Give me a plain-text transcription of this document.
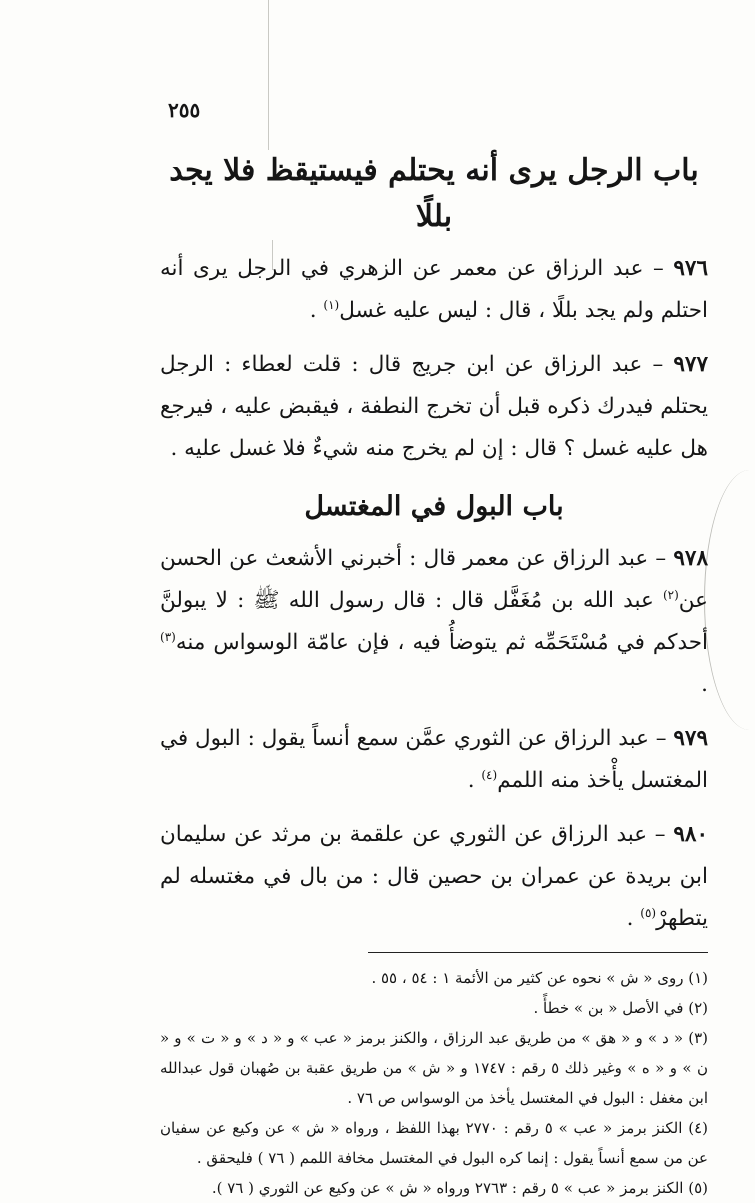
٢٥٥
باب الرجل يرى أنه يحتلم فيستيقظ فلا يجد بللًا

٩٧٦ – عبد الرزاق عن معمر عن الزهري في الرجل يرى أنه احتلم ولم يجد بللًا ، قال : ليس عليه غسل$^{(١)}$ .

٩٧٧ – عبد الرزاق عن ابن جريج قال : قلت لعطاء : الرجل يحتلم فيدرك ذكره قبل أن تخرج النطفة ، فيقبض عليه ، فيرجع هل عليه غسل ؟ قال : إن لم يخرج منه شيءٌ فلا غسل عليه .

باب البول في المغتسل

٩٧٨ – عبد الرزاق عن معمر قال : أخبرني الأشعث عن الحسن عن$^{(٢)}$ عبد الله بن مُغَفَّل قال : قال رسول الله ﷺ : لا يبولنَّ أحدكم في مُسْتَحَمِّه ثم يتوضأُ فيه ، فإن عامّة الوسواس منه$^{(٣)}$ .

٩٧٩ – عبد الرزاق عن الثوري عمَّن سمع أنساً يقول : البول في المغتسل يأْخذ منه اللمم$^{(٤)}$ .

٩٨٠ – عبد الرزاق عن الثوري عن علقمة بن مرثد عن سليمان ابن بريدة عن عمران بن حصين قال : من بال في مغتسله لم يتطهرْ$^{(٥)}$ .

(١) روى « ش » نحوه عن كثير من الأئمة ١ : ٥٤ ، ٥٥ .

(٢) في الأصل « بن » خطأً .

(٣) « د » و « هق » من طريق عبد الرزاق ، والكنز برمز « عب » و « د » و « ت » و « ن » و « ه » وغير ذلك ٥ رقم : ١٧٤٧ و « ش » من طريق عقبة بن صُهبان قول عبدالله ابن مغفل : البول في المغتسل يأخذ من الوسواس ص ٧٦ .

(٤) الكنز برمز « عب » ٥ رقم : ٢٧٧٠ بهذا اللفظ ، ورواه « ش » عن وكيع عن سفيان عن من سمع أنساً يقول : إنما كره البول في المغتسل مخافة اللمم ( ٧٦ ) فليحقق .

(٥) الكنز برمز « عب » ٥ رقم : ٢٧٦٣ ورواه « ش » عن وكيع عن الثوري ( ٧٦ ).
